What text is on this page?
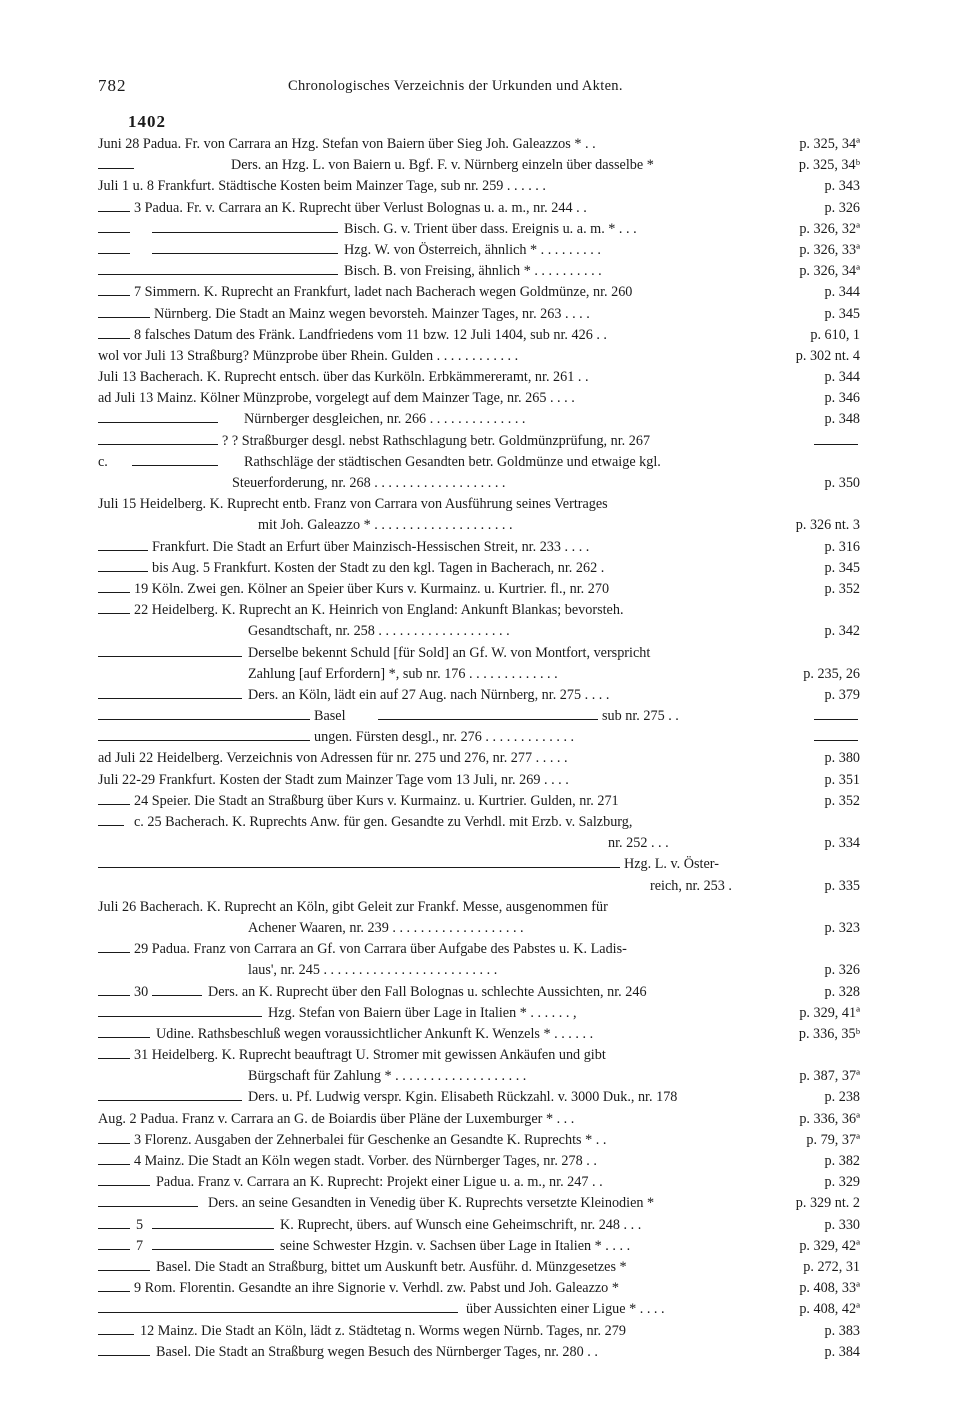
782	Chronologisches Verzeichnis der Urkunden und Akten.
1402
Juni 28 Padua. Fr. von Carrara an Hzg. Stefan von Baiern über Sieg Joh. Galeazzos * . .	p. 325, 34ª
Ders. an Hzg. L. von Baiern u. Bgf. F. v. Nürnberg einzeln über dasselbe *	p. 325, 34ᵇ
Juli 1 u. 8 Frankfurt. Städtische Kosten beim Mainzer Tage, sub nr. 259 . . . . . .	p. 343
3 Padua. Fr. v. Carrara an K. Ruprecht über Verlust Bolognas u. a. m., nr. 244 . .	p. 326
Bisch. G. v. Trient über dass. Ereignis u. a. m. * . . .	p. 326, 32ª
Hzg. W. von Österreich, ähnlich * . . . . . . . . .	p. 326, 33ª
Bisch. B. von Freising, ähnlich * . . . . . . . . . .	p. 326, 34ª
7 Simmern. K. Ruprecht an Frankfurt, ladet nach Bacherach wegen Goldmünze, nr. 260	p. 344
Nürnberg. Die Stadt an Mainz wegen bevorsteh. Mainzer Tages, nr. 263 . . . .	p. 345
8 falsches Datum des Fränk. Landfriedens vom 11 bzw. 12 Juli 1404, sub nr. 426 . .	p. 610, 1
wol vor Juli 13 Straßburg? Münzprobe über Rhein. Gulden . . . . . . . . . . . .	p. 302 nt. 4
Juli 13 Bacherach. K. Ruprecht entsch. über das Kurköln. Erbkämmereramt, nr. 261 . .	p. 344
ad Juli 13 Mainz. Kölner Münzprobe, vorgelegt auf dem Mainzer Tage, nr. 265 . . . .	p. 346
Nürnberger desgleichen, nr. 266 . . . . . . . . . . . . . .	p. 348
? ? Straßburger desgl. nebst Rathschlagung betr. Goldmünzprüfung, nr. 267
c.	Rathschläge der städtischen Gesandten betr. Goldmünze und etwaige kgl.
Steuerforderung, nr. 268 . . . . . . . . . . . . . . . . . . .	p. 350
Juli 15 Heidelberg. K. Ruprecht entb. Franz von Carrara von Ausführung seines Vertrages
mit Joh. Galeazzo * . . . . . . . . . . . . . . . . . . . .	p. 326 nt. 3
Frankfurt. Die Stadt an Erfurt über Mainzisch-Hessischen Streit, nr. 233 . . . .	p. 316
bis Aug. 5 Frankfurt. Kosten der Stadt zu den kgl. Tagen in Bacherach, nr. 262 .	p. 345
19 Köln. Zwei gen. Kölner an Speier über Kurs v. Kurmainz. u. Kurtrier. fl., nr. 270	p. 352
22 Heidelberg. K. Ruprecht an K. Heinrich von England: Ankunft Blankas; bevorsteh.
Gesandtschaft, nr. 258 . . . . . . . . . . . . . . . . . . .	p. 342
Derselbe bekennt Schuld [für Sold] an Gf. W. von Montfort, verspricht
Zahlung [auf Erfordern] *, sub nr. 176 . . . . . . . . . . . . .	p. 235, 26
Ders. an Köln, lädt ein auf 27 Aug. nach Nürnberg, nr. 275 . . . .	p. 379
Basel	sub nr. 275 . .
ungen. Fürsten desgl., nr. 276 . . . . . . . . . . . . .
ad Juli 22 Heidelberg. Verzeichnis von Adressen für nr. 275 und 276, nr. 277 . . . . .	p. 380
Juli 22-29 Frankfurt. Kosten der Stadt zum Mainzer Tage vom 13 Juli, nr. 269 . . . .	p. 351
24 Speier. Die Stadt an Straßburg über Kurs v. Kurmainz. u. Kurtrier. Gulden, nr. 271	p. 352
c. 25 Bacherach. K. Ruprechts Anw. für gen. Gesandte zu Verhdl. mit Erzb. v. Salzburg,
nr. 252 . . .	p. 334
Hzg. L. v. Öster-
reich, nr. 253 .	p. 335
Juli 26 Bacherach. K. Ruprecht an Köln, gibt Geleit zur Frankf. Messe, ausgenommen für
Achener Waaren, nr. 239 . . . . . . . . . . . . . . . . . . .	p. 323
29 Padua. Franz von Carrara an Gf. von Carrara über Aufgabe des Pabstes u. K. Ladis-
laus', nr. 245 . . . . . . . . . . . . . . . . . . . . . . . . .	p. 326
30	Ders. an K. Ruprecht über den Fall Bolognas u. schlechte Aussichten, nr. 246	p. 328
Hzg. Stefan von Baiern über Lage in Italien * . . . . . . ,	p. 329, 41ª
Udine. Rathsbeschluß wegen voraussichtlicher Ankunft K. Wenzels * . . . . . .	p. 336, 35ᵇ
31 Heidelberg. K. Ruprecht beauftragt U. Stromer mit gewissen Ankäufen und gibt
Bürgschaft für Zahlung * . . . . . . . . . . . . . . . . . . .	p. 387, 37ª
Ders. u. Pf. Ludwig verspr. Kgin. Elisabeth Rückzahl. v. 3000 Duk., nr. 178	p. 238
Aug. 2 Padua. Franz v. Carrara an G. de Boiardis über Pläne der Luxemburger * . . .	p. 336, 36ª
3 Florenz. Ausgaben der Zehnerbalei für Geschenke an Gesandte K. Ruprechts * . .	p. 79, 37ª
4 Mainz. Die Stadt an Köln wegen stadt. Vorber. des Nürnberger Tages, nr. 278 . .	p. 382
Padua. Franz v. Carrara an K. Ruprecht: Projekt einer Ligue u. a. m., nr. 247 . .	p. 329
Ders. an seine Gesandten in Venedig über K. Ruprechts versetzte Kleinodien *	p. 329 nt. 2
5	K. Ruprecht, übers. auf Wunsch eine Geheimschrift, nr. 248 . . .	p. 330
7	seine Schwester Hzgin. v. Sachsen über Lage in Italien * . . . .	p. 329, 42ª
Basel. Die Stadt an Straßburg, bittet um Auskunft betr. Ausführ. d. Münzgesetzes *	p. 272, 31
9 Rom. Florentin. Gesandte an ihre Signorie v. Verhdl. zw. Pabst und Joh. Galeazzo *	p. 408, 33ª
über Aussichten einer Ligue * . . . .	p. 408, 42ª
12 Mainz. Die Stadt an Köln, lädt z. Städtetag n. Worms wegen Nürnb. Tages, nr. 279	p. 383
Basel. Die Stadt an Straßburg wegen Besuch des Nürnberger Tages, nr. 280 . .	p. 384
